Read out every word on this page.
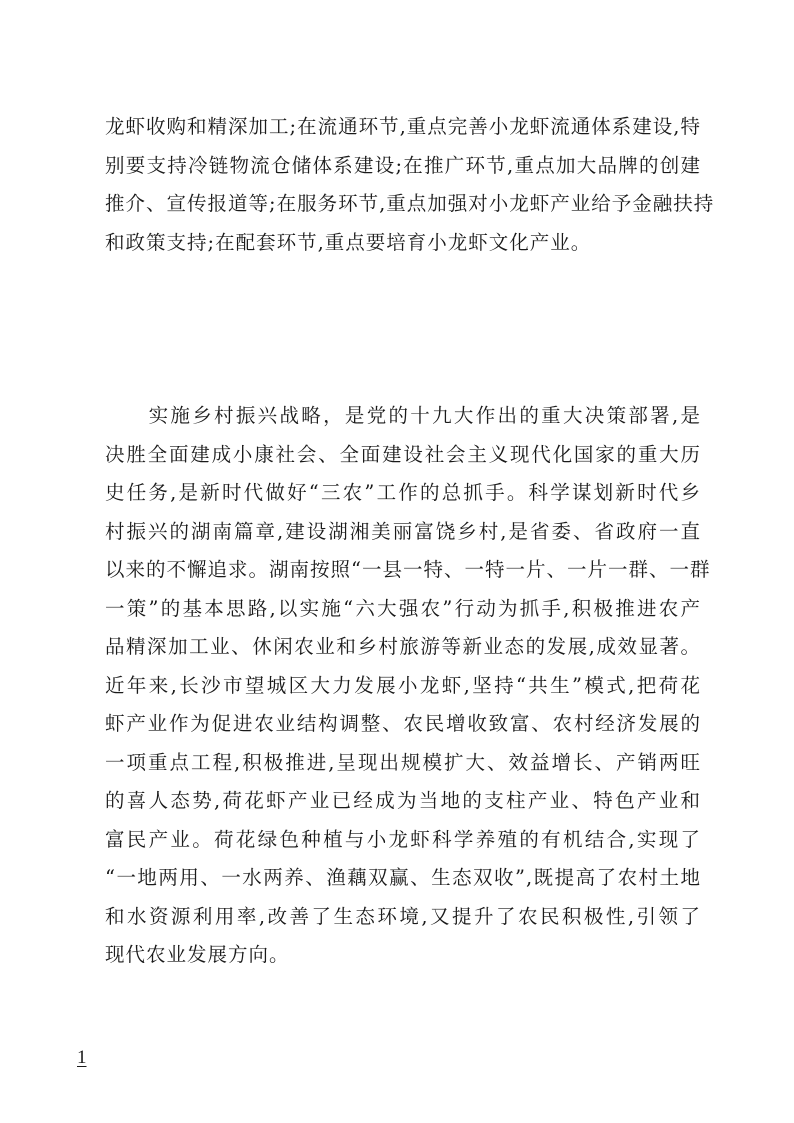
龙虾收购和精深加工;在流通环节,重点完善小龙虾流通体系建设,特
别要支持冷链物流仓储体系建设;在推广环节,重点加大品牌的创建
推介、宣传报道等;在服务环节,重点加强对小龙虾产业给予金融扶持
和政策支持;在配套环节,重点要培育小龙虾文化产业。
　　实施乡村振兴战略，是党的十九大作出的重大决策部署,是
决胜全面建成小康社会、全面建设社会主义现代化国家的重大历
史任务,是新时代做好“三农”工作的总抓手。科学谋划新时代乡
村振兴的湖南篇章,建设湖湘美丽富饶乡村,是省委、省政府一直
以来的不懈追求。湖南按照“一县一特、一特一片、一片一群、一群
一策”的基本思路,以实施“六大强农”行动为抓手,积极推进农产
品精深加工业、休闲农业和乡村旅游等新业态的发展,成效显著。
近年来,长沙市望城区大力发展小龙虾,坚持“共生”模式,把荷花
虾产业作为促进农业结构调整、农民增收致富、农村经济发展的
一项重点工程,积极推进,呈现出规模扩大、效益增长、产销两旺
的喜人态势,荷花虾产业已经成为当地的支柱产业、特色产业和
富民产业。荷花绿色种植与小龙虾科学养殖的有机结合,实现了
“一地两用、一水两养、渔藕双赢、生态双收”,既提高了农村土地
和水资源利用率,改善了生态环境,又提升了农民积极性,引领了
现代农业发展方向。
1
